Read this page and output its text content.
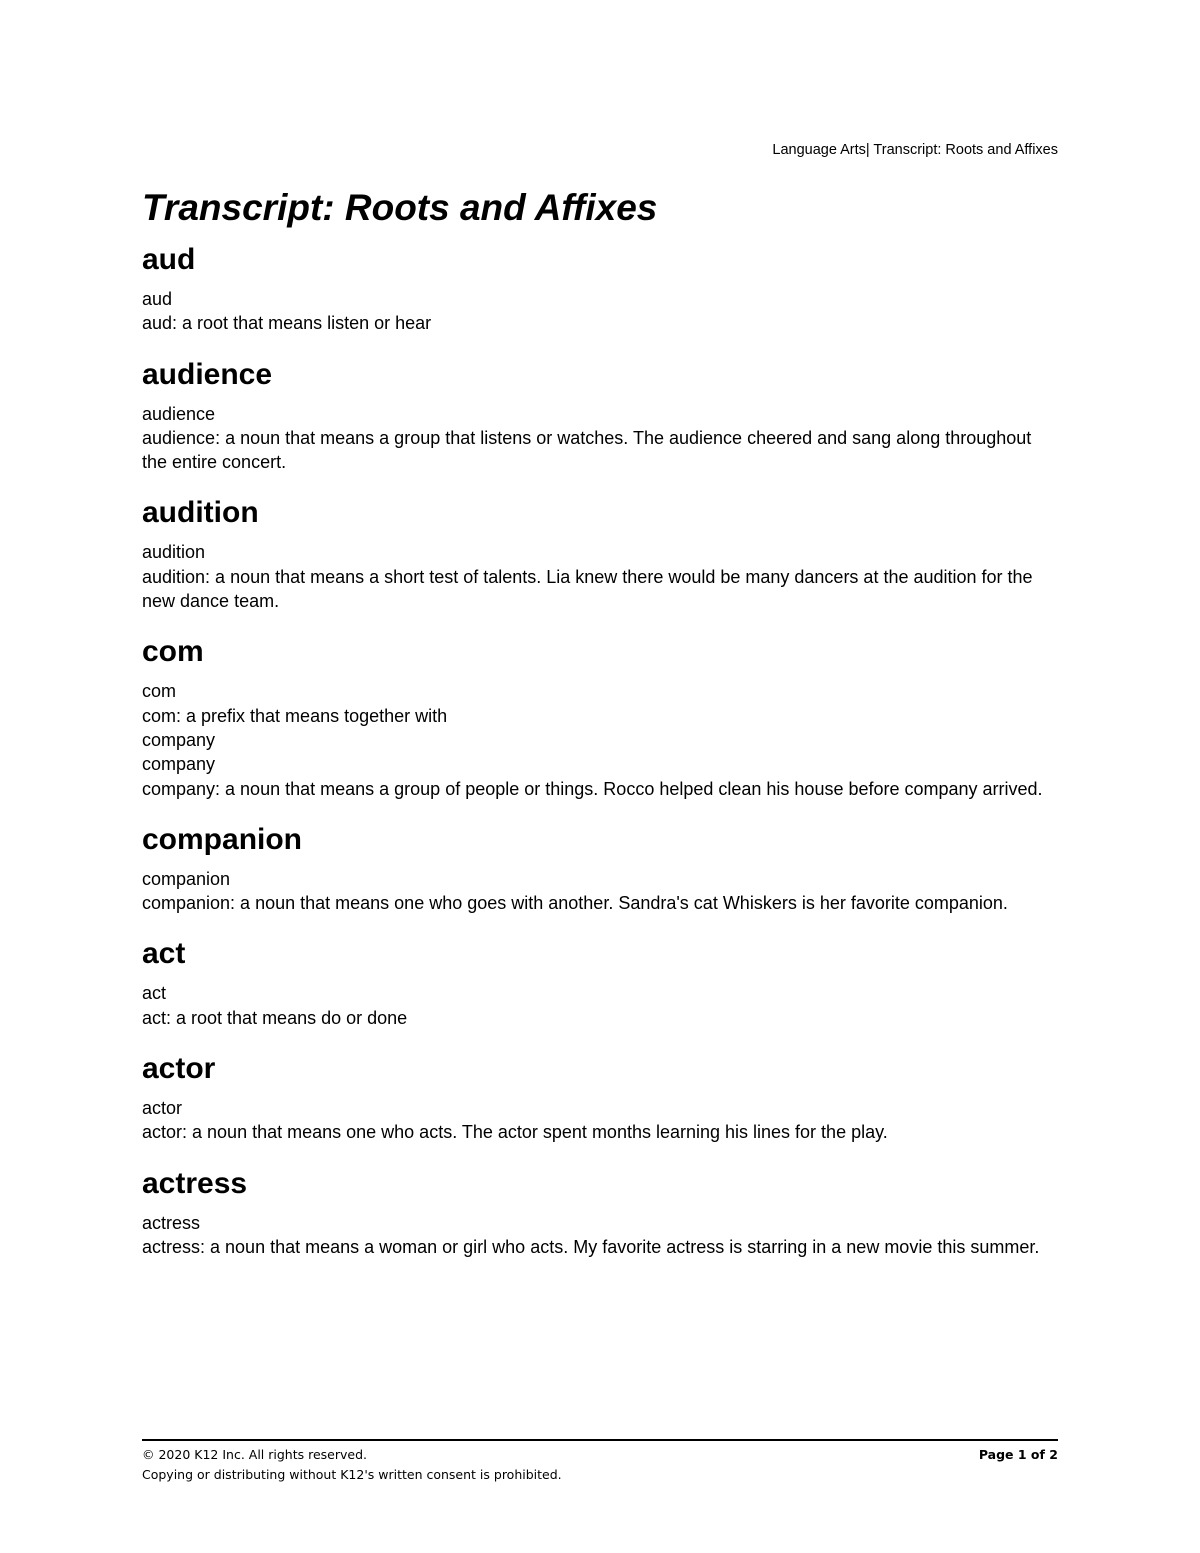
Language Arts| Transcript: Roots and Affixes
Transcript: Roots and Affixes
aud
aud
aud: a root that means listen or hear
audience
audience
audience: a noun that means a group that listens or watches. The audience cheered and sang along throughout the entire concert.
audition
audition
audition: a noun that means a short test of talents. Lia knew there would be many dancers at the audition for the new dance team.
com
com
com: a prefix that means together with
company
company
company: a noun that means a group of people or things. Rocco helped clean his house before company arrived.
companion
companion
companion: a noun that means one who goes with another. Sandra's cat Whiskers is her favorite companion.
act
act
act: a root that means do or done
actor
actor
actor: a noun that means one who acts. The actor spent months learning his lines for the play.
actress
actress
actress: a noun that means a woman or girl who acts. My favorite actress is starring in a new movie this summer.
© 2020 K12 Inc. All rights reserved.	Page 1 of 2
Copying or distributing without K12's written consent is prohibited.
